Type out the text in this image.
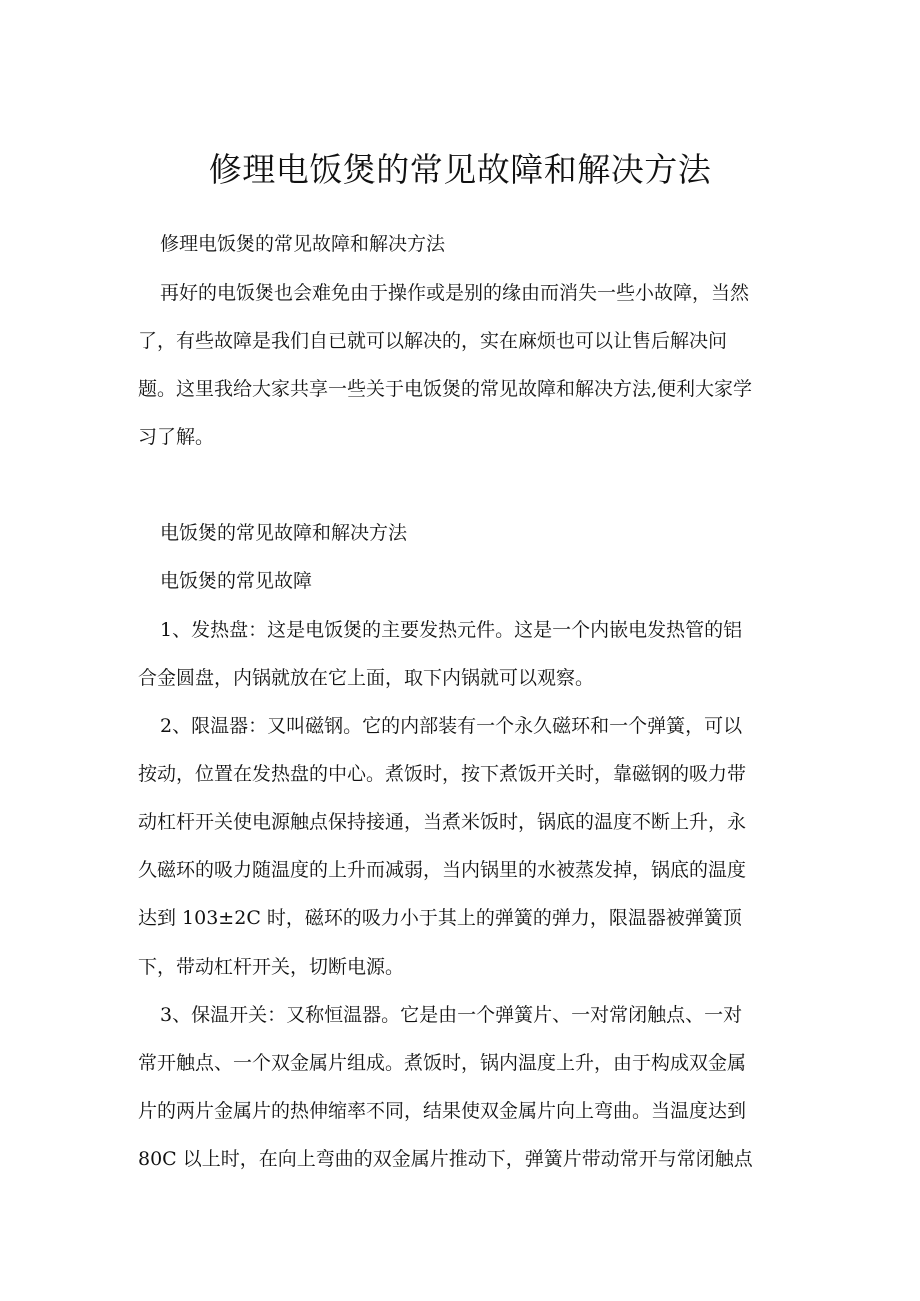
修理电饭煲的常见故障和解决方法
修理电饭煲的常见故障和解决方法
再好的电饭煲也会难免由于操作或是别的缘由而消失一些小故障，当然
了，有些故障是我们自已就可以解决的，实在麻烦也可以让售后解决问
题。这里我给大家共享一些关于电饭煲的常见故障和解决方法,便利大家学
习了解。
电饭煲的常见故障和解决方法
电饭煲的常见故障
1、发热盘：这是电饭煲的主要发热元件。这是一个内嵌电发热管的铝
合金圆盘，内锅就放在它上面，取下内锅就可以观察。
2、限温器：又叫磁钢。它的内部装有一个永久磁环和一个弹簧，可以
按动，位置在发热盘的中心。煮饭时，按下煮饭开关时，靠磁钢的吸力带
动杠杆开关使电源触点保持接通，当煮米饭时，锅底的温度不断上升，永
久磁环的吸力随温度的上升而减弱，当内锅里的水被蒸发掉，锅底的温度
达到 103±2C 时，磁环的吸力小于其上的弹簧的弹力，限温器被弹簧顶
下，带动杠杆开关，切断电源。
3、保温开关：又称恒温器。它是由一个弹簧片、一对常闭触点、一对
常开触点、一个双金属片组成。煮饭时，锅内温度上升，由于构成双金属
片的两片金属片的热伸缩率不同，结果使双金属片向上弯曲。当温度达到
80C 以上时，在向上弯曲的双金属片推动下，弹簧片带动常开与常闭触点
